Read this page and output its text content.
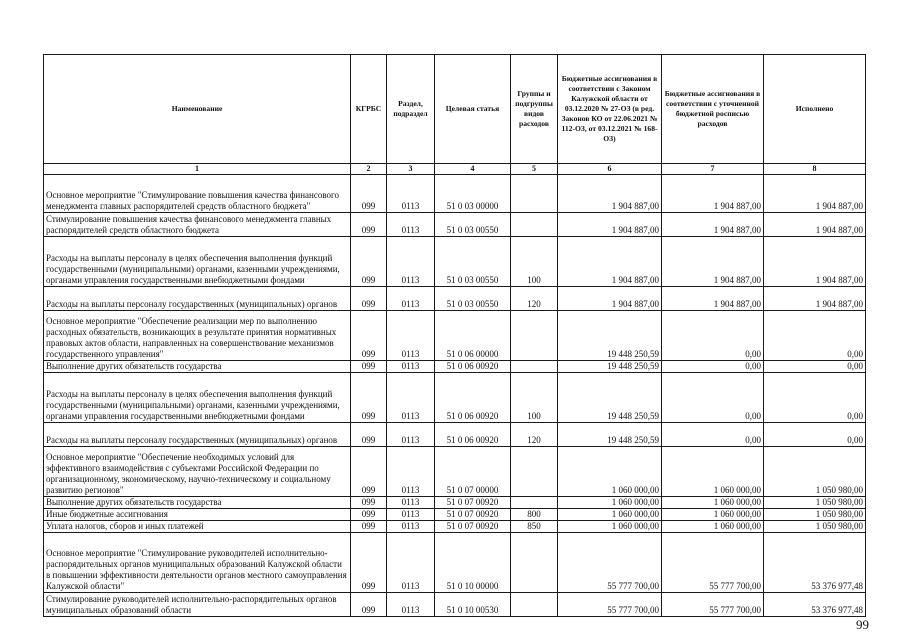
Наименование	КГРБС	Раздел, подраздел	Целевая статья	Группы и подгруппы видов расходов	Бюджетные ассигнования в соответствии с Законом Калужской области от 03.12.2020 № 27-ОЗ (в ред. Законов КО от 22.06.2021 № 112-ОЗ, от 03.12.2021 № 168-ОЗ)	Бюджетные ассигнования в соответствии с уточненной бюджетной росписью расходов	Исполнено
1	2	3	4	5	6	7	8
Основное мероприятие "Стимулирование повышения качества финансового менеджмента главных распорядителей средств областного бюджета"	099	0113	51 0 03 00000		1 904 887,00	1 904 887,00	1 904 887,00
Стимулирование повышения качества финансового менеджмента главных распорядителей средств областного бюджета	099	0113	51 0 03 00550		1 904 887,00	1 904 887,00	1 904 887,00
Расходы на выплаты персоналу в целях обеспечения выполнения функций государственными (муниципальными) органами, казенными учреждениями, органами управления государственными внебюджетными фондами	099	0113	51 0 03 00550	100	1 904 887,00	1 904 887,00	1 904 887,00
Расходы на выплаты персоналу государственных (муниципальных) органов	099	0113	51 0 03 00550	120	1 904 887,00	1 904 887,00	1 904 887,00
Основное мероприятие "Обеспечение реализации мер по выполнению расходных обязательств, возникающих в результате принятия нормативных правовых актов области, направленных на совершенствование механизмов государственного управления"	099	0113	51 0 06 00000		19 448 250,59	0,00	0,00
Выполнение других обязательств государства	099	0113	51 0 06 00920		19 448 250,59	0,00	0,00
Расходы на выплаты персоналу в целях обеспечения выполнения функций государственными (муниципальными) органами, казенными учреждениями, органами управления государственными внебюджетными фондами	099	0113	51 0 06 00920	100	19 448 250,59	0,00	0,00
Расходы на выплаты персоналу государственных (муниципальных) органов	099	0113	51 0 06 00920	120	19 448 250,59	0,00	0,00
Основное мероприятие "Обеспечение необходимых условий для эффективного взаимодействия с субъектами Российской Федерации по организационному, экономическому, научно-техническому и социальному развитию регионов"	099	0113	51 0 07 00000		1 060 000,00	1 060 000,00	1 050 980,00
Выполнение других обязательств государства	099	0113	51 0 07 00920		1 060 000,00	1 060 000,00	1 050 980,00
Иные бюджетные ассигнования	099	0113	51 0 07 00920	800	1 060 000,00	1 060 000,00	1 050 980,00
Уплата налогов, сборов и иных платежей	099	0113	51 0 07 00920	850	1 060 000,00	1 060 000,00	1 050 980,00
Основное мероприятие "Стимулирование руководителей исполнительно-распорядительных органов муниципальных образований Калужской области в повышении эффективности деятельности органов местного самоуправления Калужской области"	099	0113	51 0 10 00000		55 777 700,00	55 777 700,00	53 376 977,48
Стимулирование руководителей исполнительно-распорядительных органов муниципальных образований области	099	0113	51 0 10 00530		55 777 700,00	55 777 700,00	53 376 977,48
99
